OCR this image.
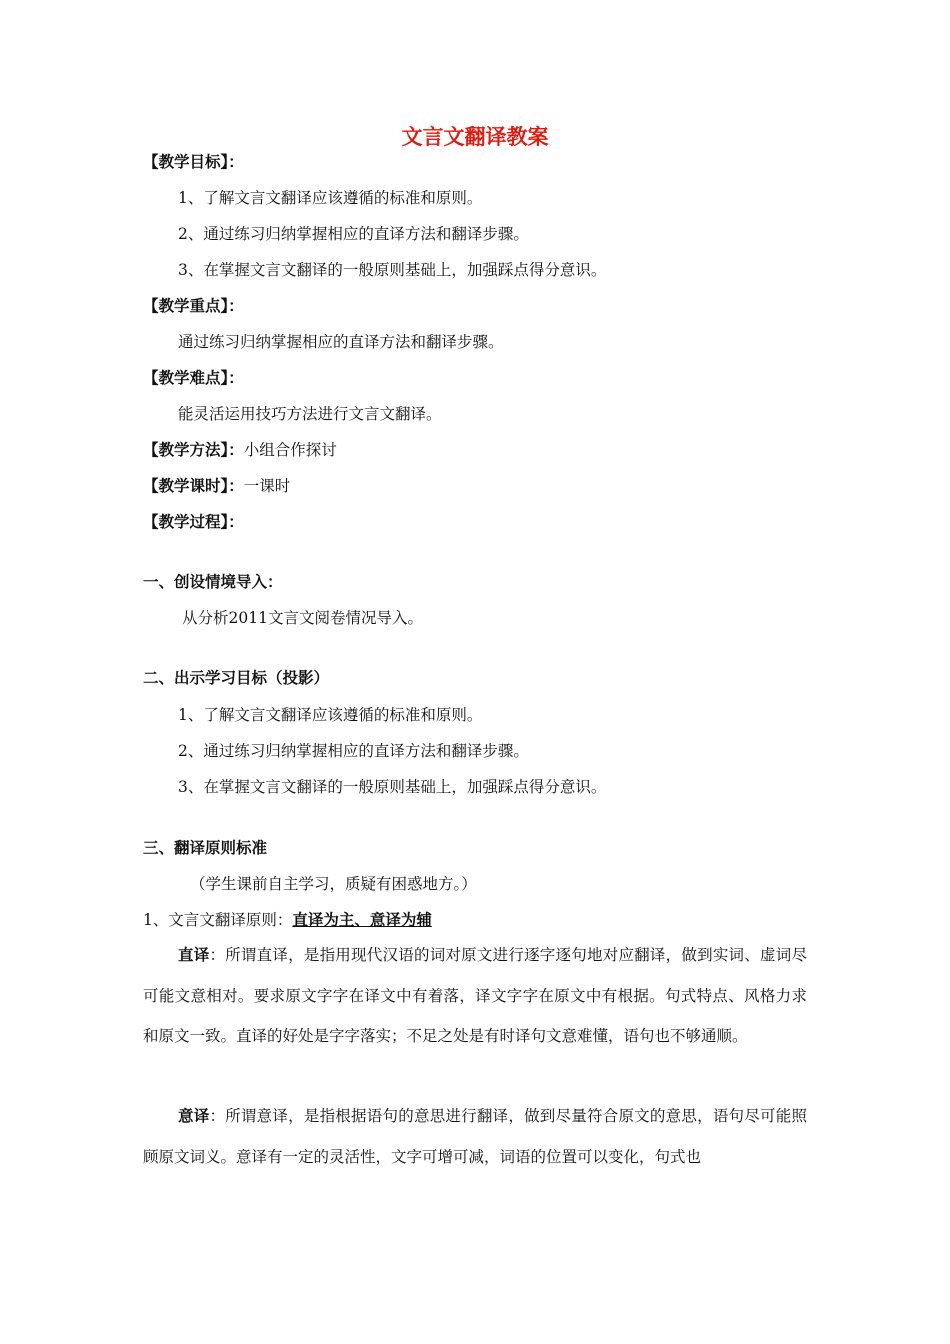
文言文翻译教案
【教学目标】：
1、了解文言文翻译应该遵循的标准和原则。
2、通过练习归纳掌握相应的直译方法和翻译步骤。
3、在掌握文言文翻译的一般原则基础上，加强踩点得分意识。
【教学重点】：
通过练习归纳掌握相应的直译方法和翻译步骤。
【教学难点】：
能灵活运用技巧方法进行文言文翻译。
【教学方法】：小组合作探讨
【教学课时】：一课时
【教学过程】：
一、创设情境导入：
从分析2011文言文阅卷情况导入。
二、出示学习目标（投影）
1、了解文言文翻译应该遵循的标准和原则。
2、通过练习归纳掌握相应的直译方法和翻译步骤。
3、在掌握文言文翻译的一般原则基础上，加强踩点得分意识。
三、翻译原则标准
（学生课前自主学习，质疑有困惑地方。）
1、文言文翻译原则：直译为主、意译为辅
直译：所谓直译，是指用现代汉语的词对原文进行逐字逐句地对应翻译，做到实词、虚词尽可能文意相对。要求原文字字在译文中有着落，译文字字在原文中有根据。句式特点、风格力求和原文一致。直译的好处是字字落实；不足之处是有时译句文意难懂，语句也不够通顺。
意译：所谓意译，是指根据语句的意思进行翻译，做到尽量符合原文的意思，语句尽可能照顾原文词义。意译有一定的灵活性，文字可增可减，词语的位置可以变化，句式也
